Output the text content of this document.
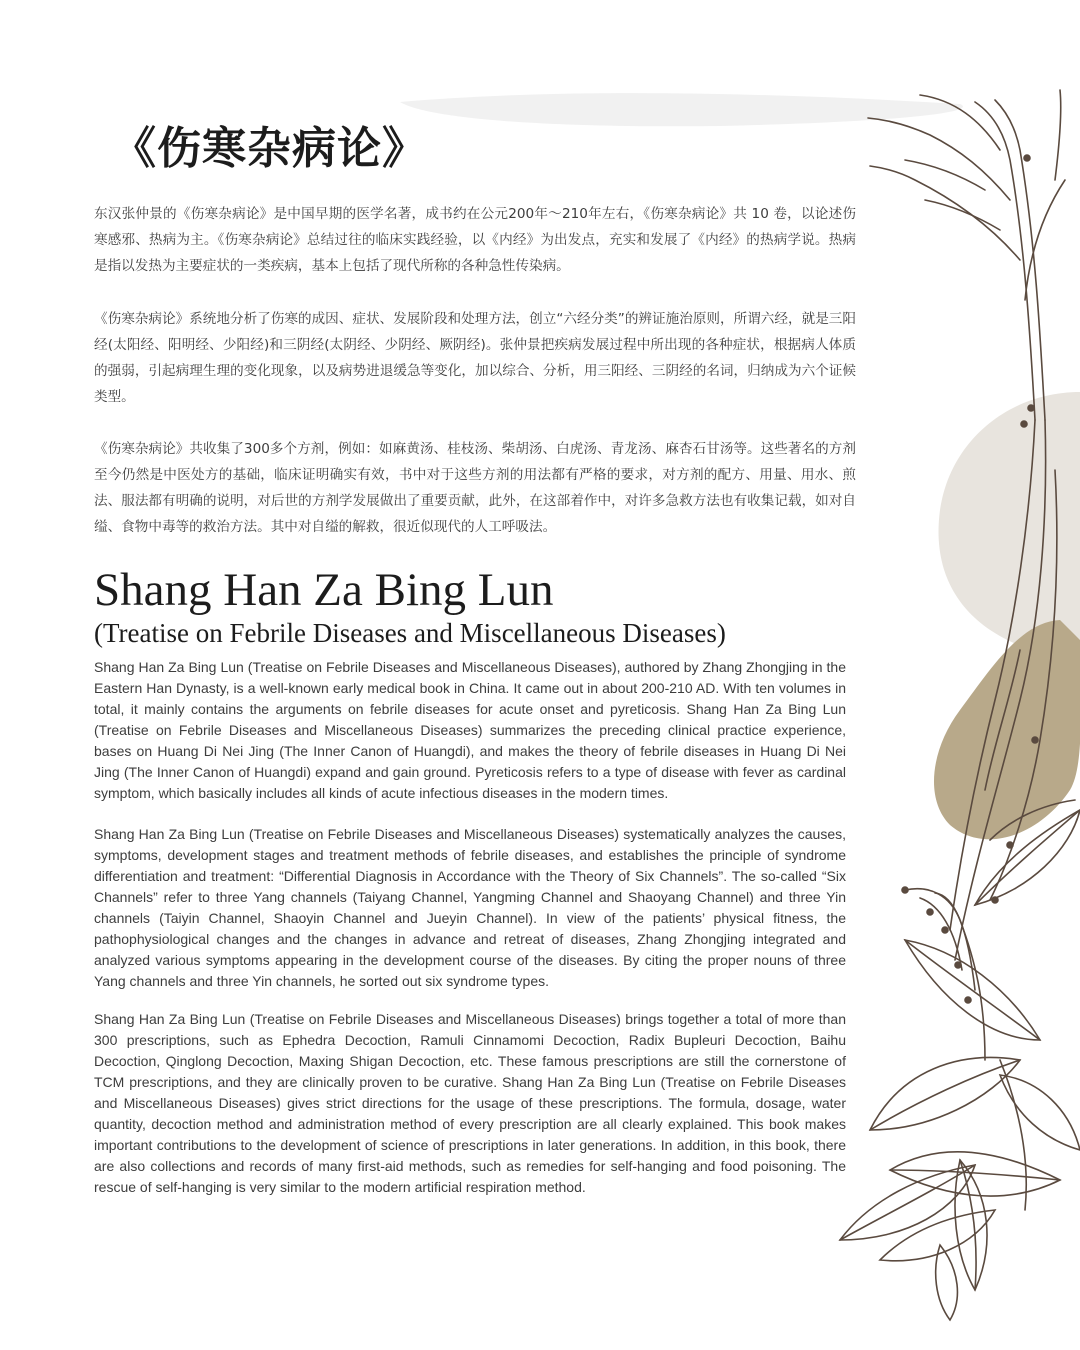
《伤寒杂病论》

东汉张仲景的《伤寒杂病论》是中国早期的医学名著，成书约在公元200年～210年左右，《伤寒杂病论》共 10 卷，以论述伤寒感邪、热病为主。《伤寒杂病论》总结过往的临床实践经验，以《内经》为出发点，充实和发展了《内经》的热病学说。热病是指以发热为主要症状的一类疾病，基本上包括了现代所称的各种急性传染病。

《伤寒杂病论》系统地分析了伤寒的成因、症状、发展阶段和处理方法，创立“六经分类”的辨证施治原则，所谓六经，就是三阳经(太阳经、阳明经、少阳经)和三阴经(太阴经、少阴经、厥阴经)。张仲景把疾病发展过程中所出现的各种症状，根据病人体质的强弱，引起病理生理的变化现象，以及病势进退缓急等变化，加以综合、分析，用三阳经、三阴经的名词，归纳成为六个证候类型。

《伤寒杂病论》共收集了300多个方剂，例如：如麻黄汤、桂枝汤、柴胡汤、白虎汤、青龙汤、麻杏石甘汤等。这些著名的方剂至今仍然是中医处方的基础，临床证明确实有效，书中对于这些方剂的用法都有严格的要求，对方剂的配方、用量、用水、煎法、服法都有明确的说明，对后世的方剂学发展做出了重要贡献，此外，在这部着作中，对许多急救方法也有收集记载，如对自缢、食物中毒等的救治方法。其中对自缢的解救，很近似现代的人工呼吸法。

Shang Han Za Bing Lun
(Treatise on Febrile Diseases and Miscellaneous Diseases)

Shang Han Za Bing Lun (Treatise on Febrile Diseases and Miscellaneous Diseases), authored by Zhang Zhongjing in the Eastern Han Dynasty, is a well-known early medical book in China. It came out in about 200-210 AD. With ten volumes in total, it mainly contains the arguments on febrile diseases for acute onset and pyreticosis. Shang Han Za Bing Lun (Treatise on Febrile Diseases and Miscellaneous Diseases) summarizes the preceding clinical practice experience, bases on Huang Di Nei Jing (The Inner Canon of Huangdi), and makes the theory of febrile diseases in Huang Di Nei Jing (The Inner Canon of Huangdi) expand and gain ground. Pyreticosis refers to a type of disease with fever as cardinal symptom, which basically includes all kinds of acute infectious diseases in the modern times.

Shang Han Za Bing Lun (Treatise on Febrile Diseases and Miscellaneous Diseases) systematically analyzes the causes, symptoms, development stages and treatment methods of febrile diseases, and establishes the principle of syndrome differentiation and treatment: “Differential Diagnosis in Accordance with the Theory of Six Channels”. The so-called “Six Channels” refer to three Yang channels (Taiyang Channel, Yangming Channel and Shaoyang Channel) and three Yin channels (Taiyin Channel, Shaoyin Channel and Jueyin Channel). In view of the patients’ physical fitness, the pathophysiological changes and the changes in advance and retreat of diseases, Zhang Zhongjing integrated and analyzed various symptoms appearing in the development course of the diseases. By citing the proper nouns of three Yang channels and three Yin channels, he sorted out six syndrome types.

Shang Han Za Bing Lun (Treatise on Febrile Diseases and Miscellaneous Diseases) brings together a total of more than 300 prescriptions, such as Ephedra Decoction, Ramuli Cinnamomi Decoction, Radix Bupleuri Decoction, Baihu Decoction, Qinglong Decoction, Maxing Shigan Decoction, etc. These famous prescriptions are still the cornerstone of TCM prescriptions, and they are clinically proven to be curative. Shang Han Za Bing Lun (Treatise on Febrile Diseases and Miscellaneous Diseases) gives strict directions for the usage of these prescriptions. The formula, dosage, water quantity, decoction method and administration method of every prescription are all clearly explained. This book makes important contributions to the development of science of prescriptions in later generations. In addition, in this book, there are also collections and records of many first-aid methods, such as remedies for self-hanging and food poisoning. The rescue of self-hanging is very similar to the modern artificial respiration method.
